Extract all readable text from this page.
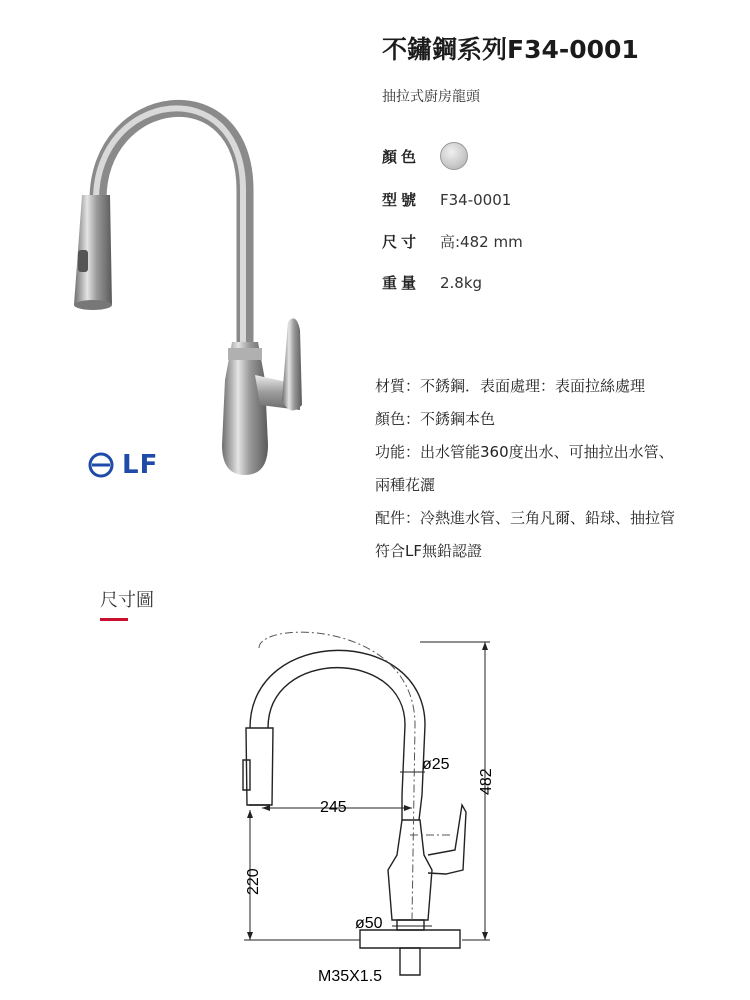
不鏽鋼系列F34-0001
抽拉式廚房龍頭
顏色
型號	F34-0001
尺寸	高:482 mm
重量	2.8kg
材質：不銹鋼．表面處理：表面拉絲處理
顏色：不銹鋼本色
功能：出水管能360度出水、可抽拉出水管、
兩種花灑
配件：冷熱進水管、三角凡爾、鉛球、抽拉管
符合LF無鉛認證
LF
尺寸圖
482
245
220
ø25
ø50
M35X1.5
